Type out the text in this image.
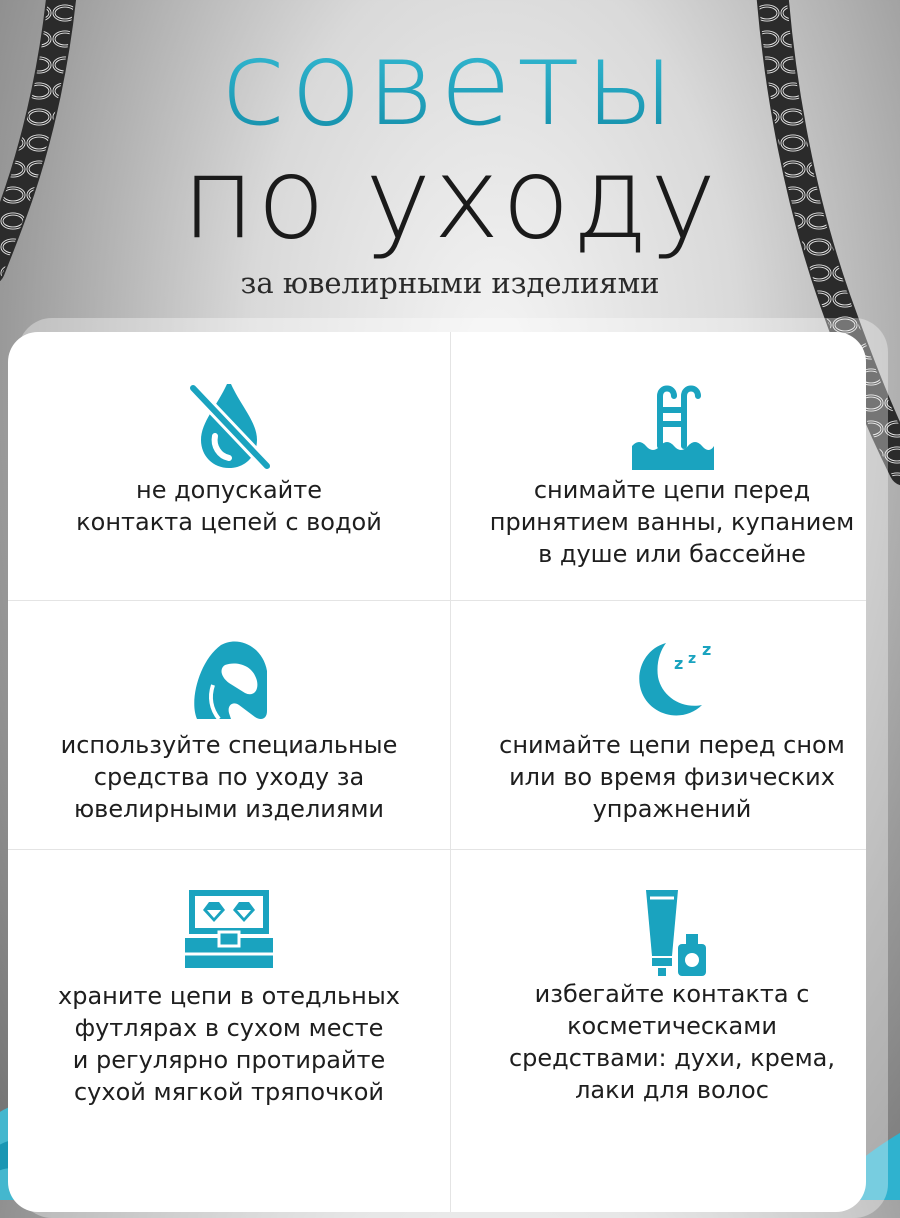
советы
по уходу
за ювелирными изделиями
не допускайте
контакта цепей с водой
снимайте цепи перед
принятием ванны, купанием
в душе или бассейне
используйте специальные
средства по уходу за
ювелирными изделиями
z z z
снимайте цепи перед сном
или во время физических
упражнений
храните цепи в отедльных
футлярах в сухом месте
и регулярно протирайте
сухой мягкой тряпочкой
избегайте контакта с
косметическами
средствами: духи, крема,
лаки для волос
